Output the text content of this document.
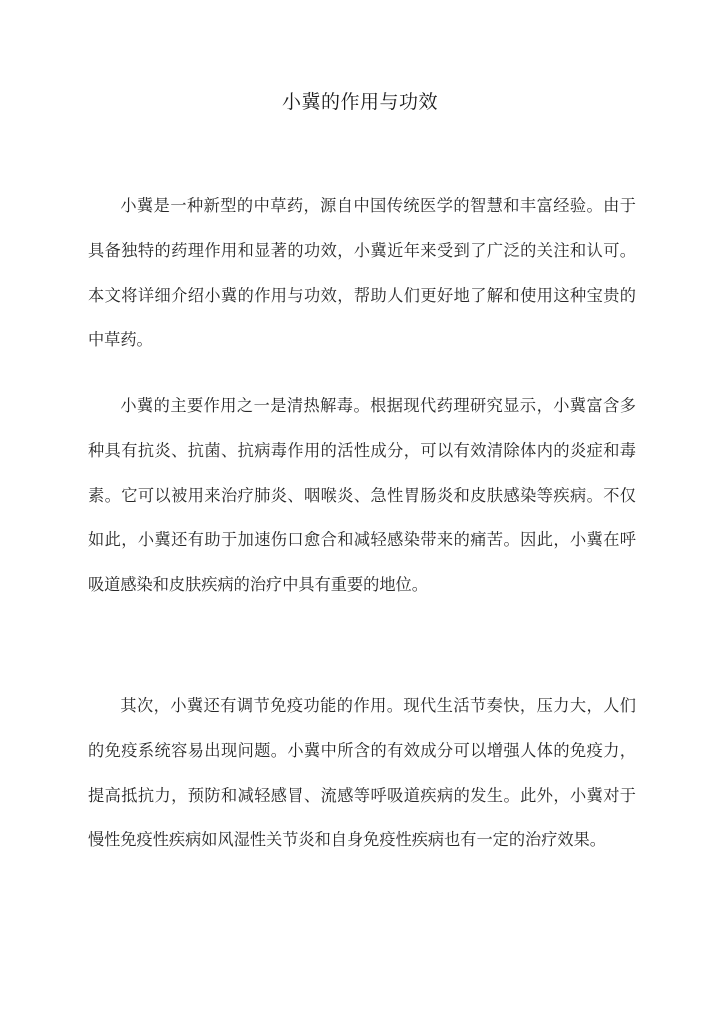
小冀的作用与功效

小冀是一种新型的中草药，源自中国传统医学的智慧和丰富经验。由于具备独特的药理作用和显著的功效，小冀近年来受到了广泛的关注和认可。本文将详细介绍小冀的作用与功效，帮助人们更好地了解和使用这种宝贵的中草药。

小冀的主要作用之一是清热解毒。根据现代药理研究显示，小冀富含多种具有抗炎、抗菌、抗病毒作用的活性成分，可以有效清除体内的炎症和毒素。它可以被用来治疗肺炎、咽喉炎、急性胃肠炎和皮肤感染等疾病。不仅如此，小冀还有助于加速伤口愈合和减轻感染带来的痛苦。因此，小冀在呼吸道感染和皮肤疾病的治疗中具有重要的地位。

其次，小冀还有调节免疫功能的作用。现代生活节奏快，压力大，人们的免疫系统容易出现问题。小冀中所含的有效成分可以增强人体的免疫力，提高抵抗力，预防和减轻感冒、流感等呼吸道疾病的发生。此外，小冀对于慢性免疫性疾病如风湿性关节炎和自身免疫性疾病也有一定的治疗效果。
